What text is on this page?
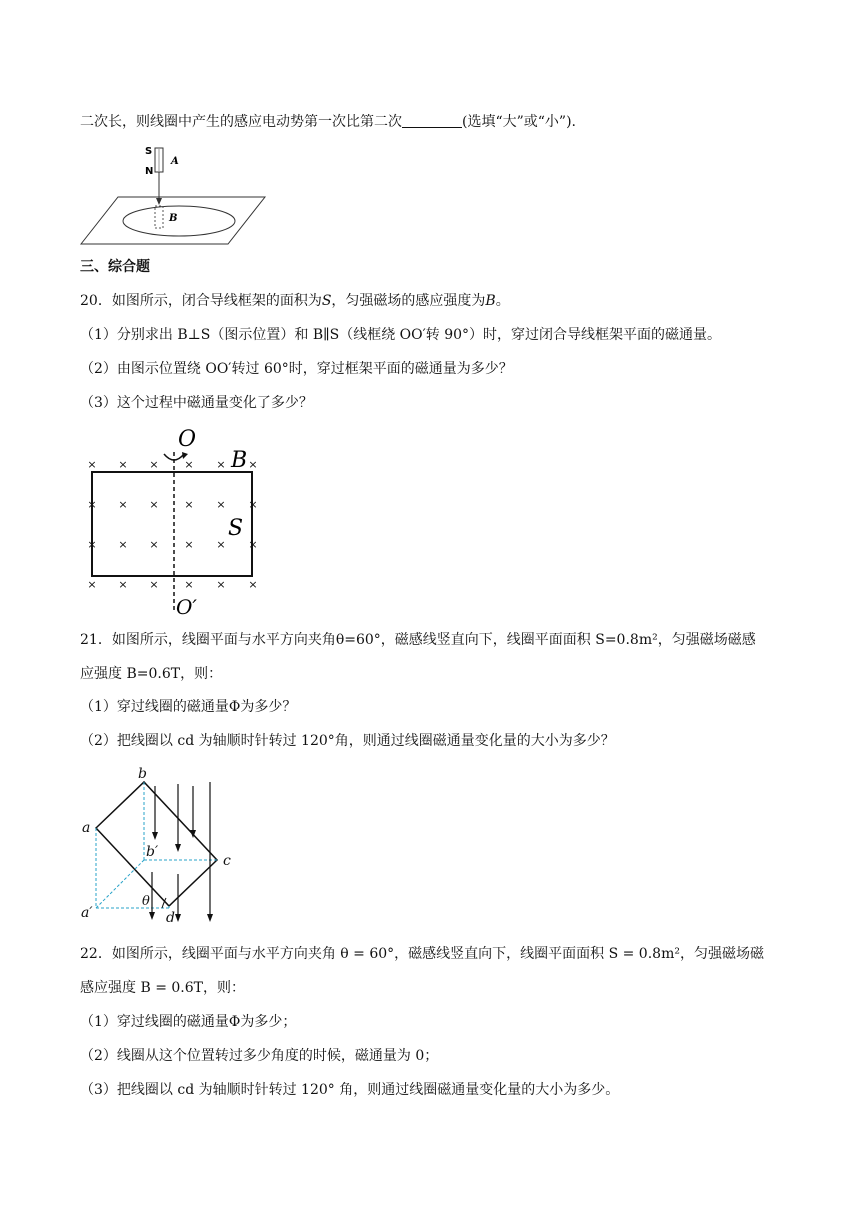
二次长，则线圈中产生的感应电动势第一次比第二次	(选填“大”或“小”).
S
N
A
B
三、综合题
20．如图所示，闭合导线框架的面积为S，匀强磁场的感应强度为B。
（1）分别求出 B⊥S（图示位置）和 B∥S（线框绕 OO′转 90°）时，穿过闭合导线框架平面的磁通量。
（2）由图示位置绕 OO′转过 60°时，穿过框架平面的磁通量为多少？
（3）这个过程中磁通量变化了多少？
O
O′
B
S
× × × × × ×
× × × × × ×
× × × × × ×
× × × × × ×
21．如图所示，线圈平面与水平方向夹角θ=60°，磁感线竖直向下，线圈平面面积 S=0.8m²，匀强磁场磁感
应强度 B=0.6T，则：
（1）穿过线圈的磁通量Φ为多少？
（2）把线圈以 cd 为轴顺时针转过 120°角，则通过线圈磁通量变化量的大小为多少？
a
b
c
d
a′
b′
θ
22．如图所示，线圈平面与水平方向夹角 θ = 60°，磁感线竖直向下，线圈平面面积 S = 0.8m²，匀强磁场磁
感应强度 B = 0.6T，则：
（1）穿过线圈的磁通量Φ为多少；
（2）线圈从这个位置转过多少角度的时候，磁通量为 0；
（3）把线圈以 cd 为轴顺时针转过 120° 角，则通过线圈磁通量变化量的大小为多少。
